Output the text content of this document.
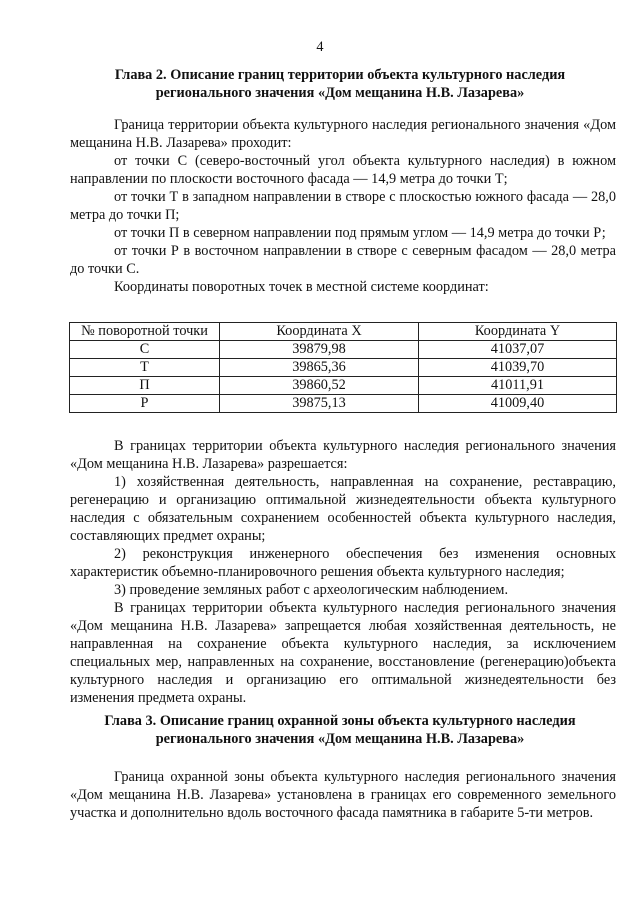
4
Глава 2. Описание границ территории объекта культурного наследия
регионального значения «Дом мещанина Н.В. Лазарева»

Граница территории объекта культурного наследия регионального значения «Дом мещанина Н.В. Лазарева» проходит:

от точки С (северо-восточный угол объекта культурного наследия) в южном направлении по плоскости восточного фасада — 14,9 метра до точки Т;

от точки Т в западном направлении в створе с плоскостью южного фасада — 28,0 метра до точки П;

от точки П в северном направлении под прямым углом — 14,9 метра до точки Р;

от точки Р в восточном направлении в створе с северным фасадом — 28,0 метра до точки С.

Координаты поворотных точек в местной системе координат:

№ поворотной точки	Координата X	Координата Y
С	39879,98	41037,07
Т	39865,36	41039,70
П	39860,52	41011,91
Р	39875,13	41009,40

В границах территории объекта культурного наследия регионального значения «Дом мещанина Н.В. Лазарева» разрешается:

1) хозяйственная деятельность, направленная на сохранение, реставрацию, регенерацию и организацию оптимальной жизнедеятельности объекта культурного наследия с обязательным сохранением особенностей объекта культурного наследия, составляющих предмет охраны;

2) реконструкция инженерного обеспечения без изменения основных характеристик объемно-планировочного решения объекта культурного наследия;

3) проведение земляных работ с археологическим наблюдением.

В границах территории объекта культурного наследия регионального значения «Дом мещанина Н.В. Лазарева» запрещается любая хозяйственная деятельность, не направленная на сохранение объекта культурного наследия, за исключением специальных мер, направленных на сохранение, восстановление (регенерацию)объекта культурного наследия и организацию его оптимальной жизнедеятельности без изменения предмета охраны.

Глава 3. Описание границ охранной зоны объекта культурного наследия
регионального значения «Дом мещанина Н.В. Лазарева»

Граница охранной зоны объекта культурного наследия регионального значения «Дом мещанина Н.В. Лазарева» установлена в границах его современного земельного участка и дополнительно вдоль восточного фасада памятника в габарите 5-ти метров.
